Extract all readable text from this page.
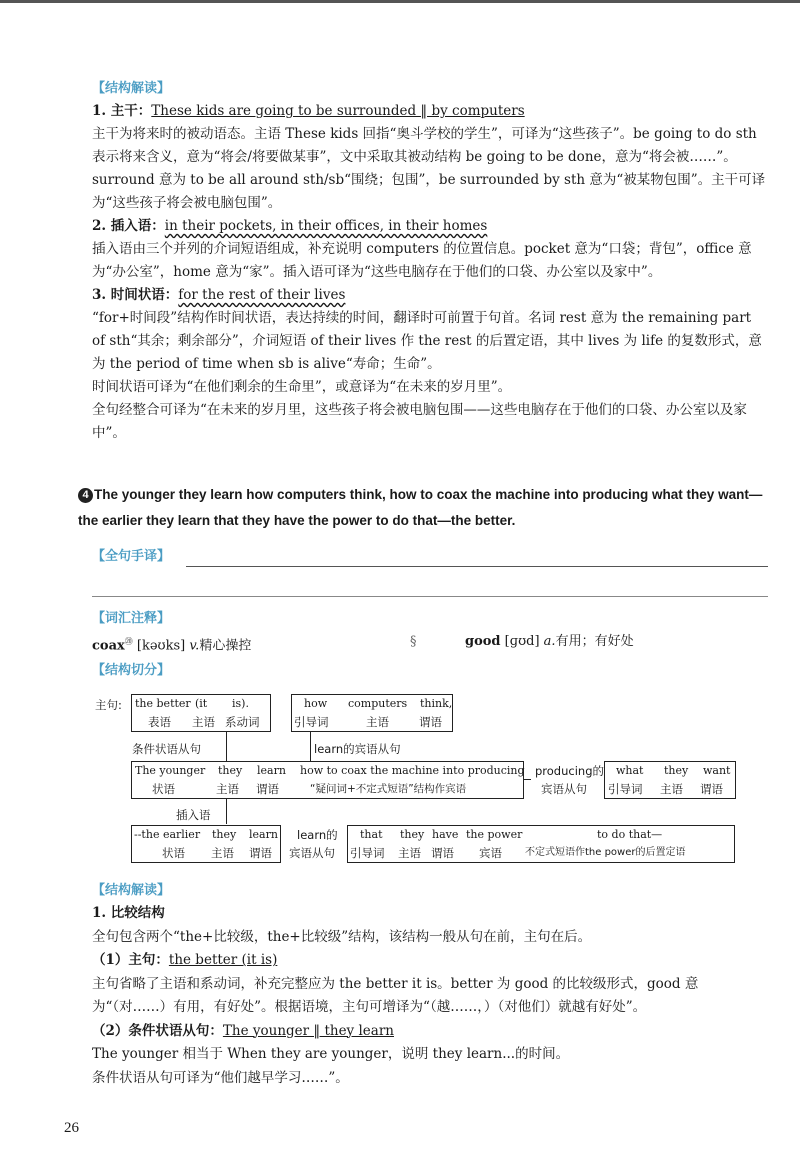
【结构解读】
1. 主干：These kids are going to be surrounded ‖ by computers

主干为将来时的被动语态。主语 These kids 回指“奥斗学校的学生”，可译为“这些孩子”。be going to do sth 表示将来含义，意为“将会/将要做某事”，文中采取其被动结构 be going to be done，意为“将会被……”。surround 意为 to be all around sth/sb“围绕；包围”，be surrounded by sth 意为“被某物包围”。主干可译为“这些孩子将会被电脑包围”。

2. 插入语：in their pockets, in their offices, in their homes

插入语由三个并列的介词短语组成，补充说明 computers 的位置信息。pocket 意为“口袋；背包”，office 意为“办公室”，home 意为“家”。插入语可译为“这些电脑存在于他们的口袋、办公室以及家中”。

3. 时间状语：for the rest of their lives

“for+时间段”结构作时间状语，表达持续的时间，翻译时可前置于句首。名词 rest 意为 the remaining part of sth“其余；剩余部分”，介词短语 of their lives 作 the rest 的后置定语，其中 lives 为 life 的复数形式，意为 the period of time when sb is alive“寿命；生命”。

时间状语可译为“在他们剩余的生命里”，或意译为“在未来的岁月里”。

全句经整合可译为“在未来的岁月里，这些孩子将会被电脑包围——这些电脑存在于他们的口袋、办公室以及家中”。

4 The younger they learn how computers think, how to coax the machine into producing what they want—the earlier they learn that they have the power to do that—the better.
【全句手译】
【词汇注释】
coax⑳ [kəʊks] v.精心操控	§	good [ɡʊd] a.有用；有好处
【结构切分】
主句: the better (it is).
表语 主语 系动词
how computers think,
引导词	主语	谓语
条件状语从句	learn的宾语从句
The younger they learn how to coax the machine into producing
状语	主语 谓语	“疑问词+不定式短语”结构作宾语
producing的
宾语从句
what they want
引导词 主语 谓语
插入语
--the earlier they learn
状语 主语 谓语
learn的
宾语从句
that they have the power	to do that—
引导词 主语 谓语 宾语 不定式短语作the power的后置定语
【结构解读】
1. 比较结构

全句包含两个“the+比较级，the+比较级”结构，该结构一般从句在前，主句在后。

（1）主句：the better (it is)

主句省略了主语和系动词，补充完整应为 the better it is。better 为 good 的比较级形式，good 意为“（对……）有用，有好处”。根据语境，主句可增译为“（越……，）（对他们）就越有好处”。

（2）条件状语从句：The younger ‖ they learn

The younger 相当于 When they are younger，说明 they learn...的时间。

条件状语从句可译为“他们越早学习……”。

26
